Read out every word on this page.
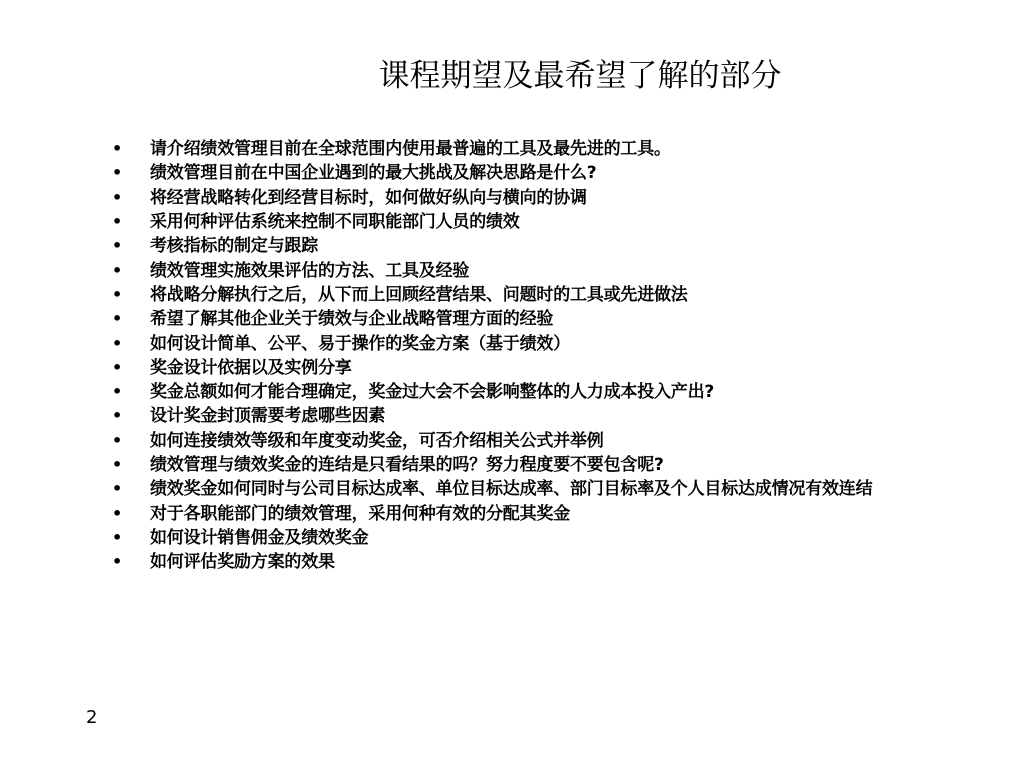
课程期望及最希望了解的部分
•	请介绍绩效管理目前在全球范围内使用最普遍的工具及最先进的工具。
•	绩效管理目前在中国企业遇到的最大挑战及解决思路是什么?
•	将经营战略转化到经营目标时，如何做好纵向与横向的协调
•	采用何种评估系统来控制不同职能部门人员的绩效
•	考核指标的制定与跟踪
•	绩效管理实施效果评估的方法、工具及经验
•	将战略分解执行之后，从下而上回顾经营结果、问题时的工具或先进做法
•	希望了解其他企业关于绩效与企业战略管理方面的经验
•	如何设计简单、公平、易于操作的奖金方案（基于绩效）
•	奖金设计依据以及实例分享
•	奖金总额如何才能合理确定，奖金过大会不会影响整体的人力成本投入产出?
•	设计奖金封顶需要考虑哪些因素
•	如何连接绩效等级和年度变动奖金，可否介绍相关公式并举例
•	绩效管理与绩效奖金的连结是只看结果的吗？努力程度要不要包含呢?
•	绩效奖金如何同时与公司目标达成率、单位目标达成率、部门目标率及个人目标达成情况有效连结
•	对于各职能部门的绩效管理，采用何种有效的分配其奖金
•	如何设计销售佣金及绩效奖金
•	如何评估奖励方案的效果
2
